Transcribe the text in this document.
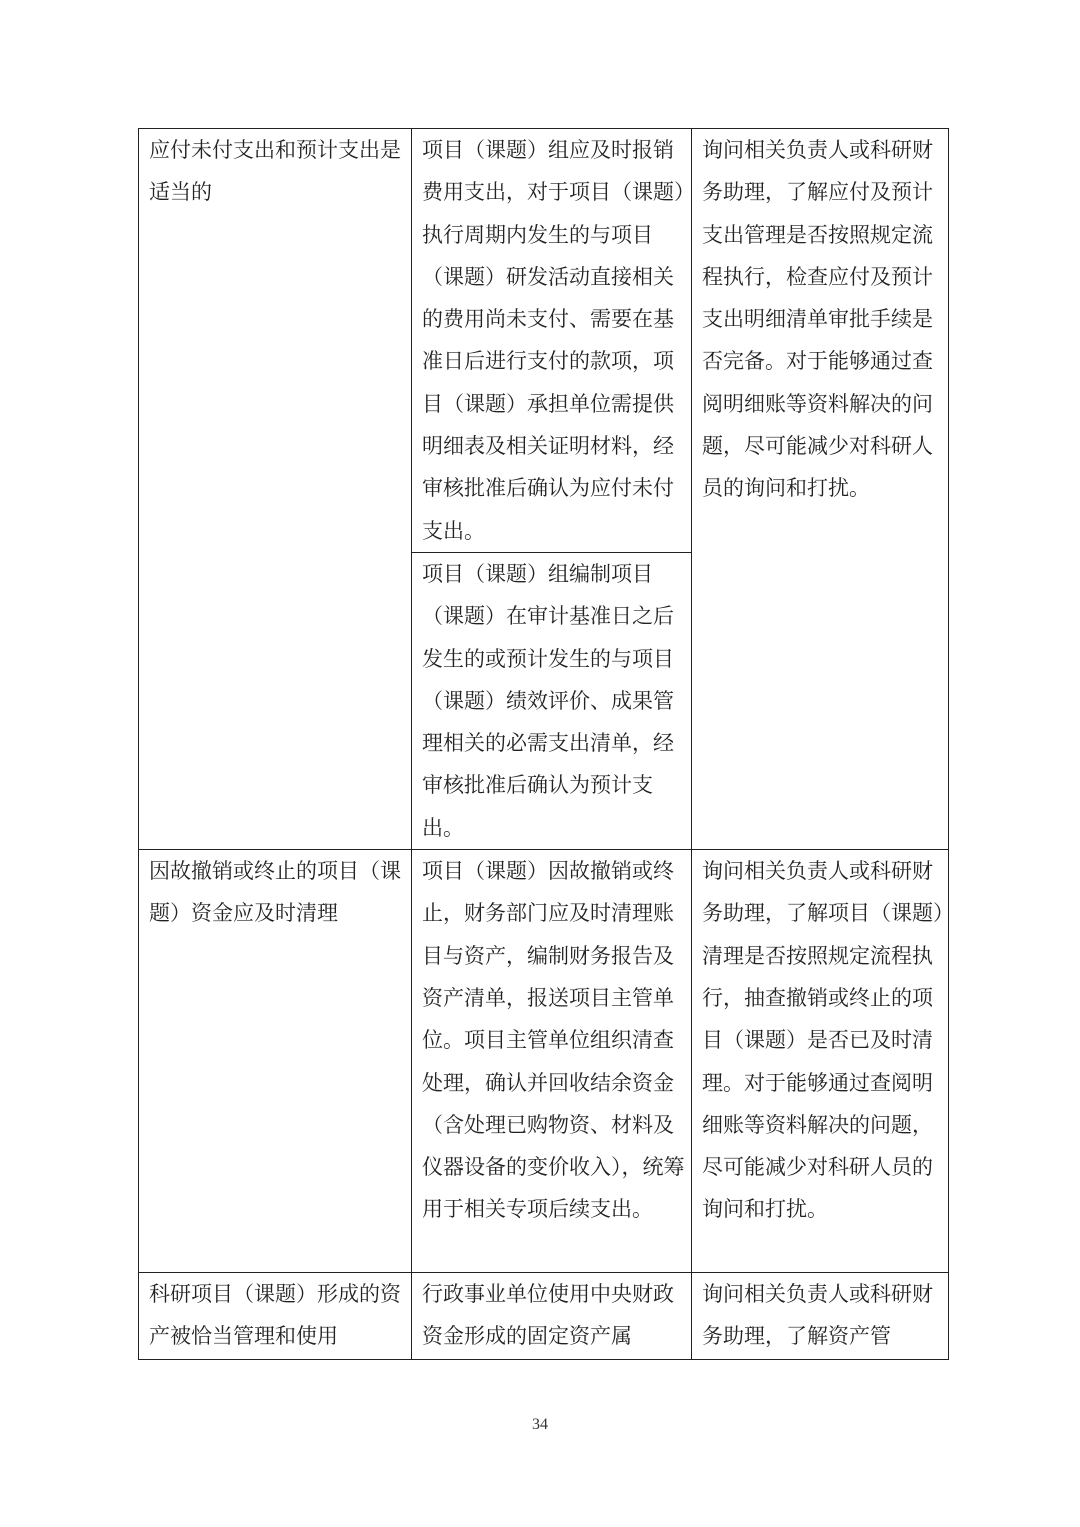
应付未付支出和预计支出是适当的	项目（课题）组应及时报销费用支出，对于项目（课题）执行周期内发生的与项目（课题）研发活动直接相关的费用尚未支付、需要在基准日后进行支付的款项，项目（课题）承担单位需提供明细表及相关证明材料，经审核批准后确认为应付未付支出。	询问相关负责人或科研财务助理，了解应付及预计支出管理是否按照规定流程执行，检查应付及预计支出明细清单审批手续是否完备。对于能够通过查阅明细账等资料解决的问题，尽可能减少对科研人员的询问和打扰。
	项目（课题）组编制项目（课题）在审计基准日之后发生的或预计发生的与项目（课题）绩效评价、成果管理相关的必需支出清单，经审核批准后确认为预计支出。	
因故撤销或终止的项目（课题）资金应及时清理	项目（课题）因故撤销或终止，财务部门应及时清理账目与资产，编制财务报告及资产清单，报送项目主管单位。项目主管单位组织清查处理，确认并回收结余资金（含处理已购物资、材料及仪器设备的变价收入），统筹用于相关专项后续支出。	询问相关负责人或科研财务助理，了解项目（课题）清理是否按照规定流程执行，抽查撤销或终止的项目（课题）是否已及时清理。对于能够通过查阅明细账等资料解决的问题，尽可能减少对科研人员的询问和打扰。
科研项目（课题）形成的资产被恰当管理和使用	行政事业单位使用中央财政资金形成的固定资产属	询问相关负责人或科研财务助理，了解资产管
34
